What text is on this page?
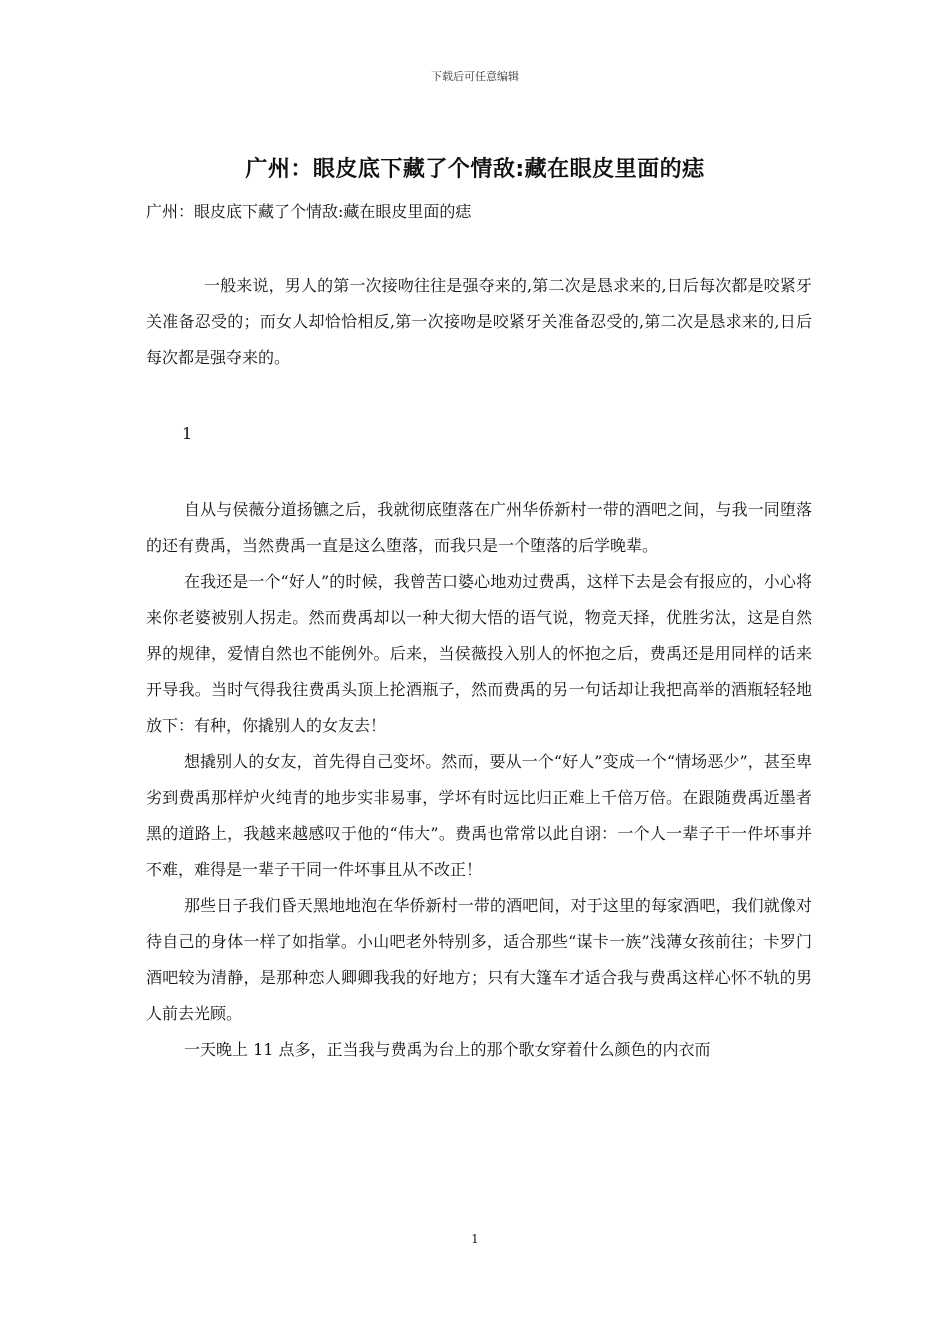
下载后可任意编辑
广州：眼皮底下藏了个情敌:藏在眼皮里面的痣
广州：眼皮底下藏了个情敌:藏在眼皮里面的痣
一般来说，男人的第一次接吻往往是强夺来的,第二次是恳求来的,日后每次都是咬紧牙关准备忍受的；而女人却恰恰相反,第一次接吻是咬紧牙关准备忍受的,第二次是恳求来的,日后每次都是强夺来的。
1

自从与侯薇分道扬镳之后，我就彻底堕落在广州华侨新村一带的酒吧之间，与我一同堕落的还有费禹，当然费禹一直是这么堕落，而我只是一个堕落的后学晚辈。

在我还是一个“好人”的时候，我曾苦口婆心地劝过费禹，这样下去是会有报应的，小心将来你老婆被别人拐走。然而费禹却以一种大彻大悟的语气说，物竞天择，优胜劣汰，这是自然界的规律，爱情自然也不能例外。后来，当侯薇投入别人的怀抱之后，费禹还是用同样的话来开导我。当时气得我往费禹头顶上抡酒瓶子，然而费禹的另一句话却让我把高举的酒瓶轻轻地放下：有种，你撬别人的女友去！

想撬别人的女友，首先得自己变坏。然而，要从一个“好人”变成一个“情场恶少”，甚至卑劣到费禹那样炉火纯青的地步实非易事，学坏有时远比归正难上千倍万倍。在跟随费禹近墨者黑的道路上，我越来越感叹于他的“伟大”。费禹也常常以此自诩：一个人一辈子干一件坏事并不难，难得是一辈子干同一件坏事且从不改正！

那些日子我们昏天黑地地泡在华侨新村一带的酒吧间，对于这里的每家酒吧，我们就像对待自己的身体一样了如指掌。小山吧老外特别多，适合那些“谋卡一族”浅薄女孩前往；卡罗门酒吧较为清静，是那种恋人卿卿我我的好地方；只有大篷车才适合我与费禹这样心怀不轨的男人前去光顾。

一天晚上 11 点多，正当我与费禹为台上的那个歌女穿着什么颜色的内衣而

1
